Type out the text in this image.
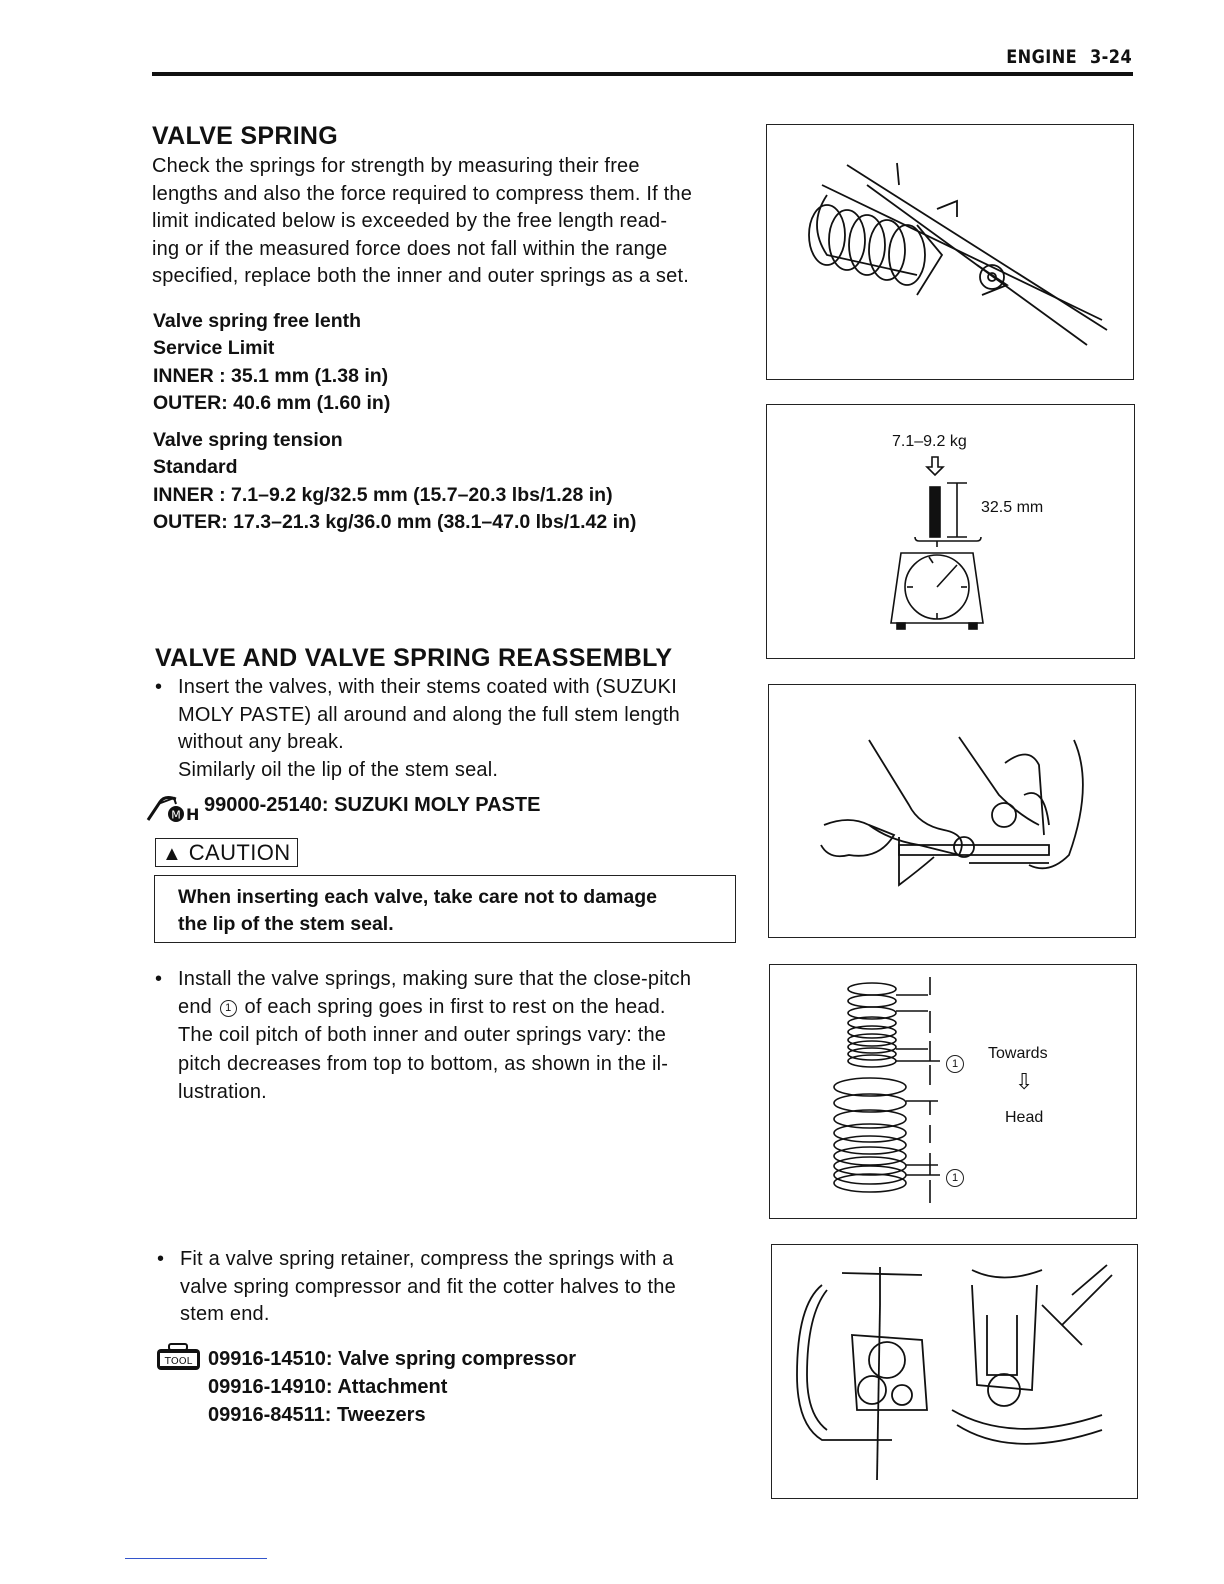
ENGINE 3-24
VALVE SPRING
Check the springs for strength by measuring their free
lengths and also the force required to compress them. If the
limit indicated below is exceeded by the free length read-
ing or if the measured force does not fall within the range
specified, replace both the inner and outer springs as a set.
Valve spring free lenth
Service Limit
INNER : 35.1 mm (1.38 in)
OUTER: 40.6 mm (1.60 in)
Valve spring tension
Standard
INNER : 7.1–9.2 kg/32.5 mm (15.7–20.3 lbs/1.28 in)
OUTER: 17.3–21.3 kg/36.0 mm (38.1–47.0 lbs/1.42 in)
VALVE AND VALVE SPRING REASSEMBLY
• Insert the valves, with their stems coated with (SUZUKI
MOLY PASTE) all around and along the full stem length
without any break.
Similarly oil the lip of the stem seal.
M H 99000-25140: SUZUKI MOLY PASTE
▲ CAUTION
When inserting each valve, take care not to damage
the lip of the stem seal.
• Install the valve springs, making sure that the close-pitch
end 1 of each spring goes in first to rest on the head.
The coil pitch of both inner and outer springs vary: the
pitch decreases from top to bottom, as shown in the il-
lustration.
• Fit a valve spring retainer, compress the springs with a
valve spring compressor and fit the cotter halves to the
stem end.
TOOL 09916-14510: Valve spring compressor
09916-14910: Attachment
09916-84511: Tweezers
7.1–9.2 kg
32.5 mm
Towards
⇩
Head
1
1
